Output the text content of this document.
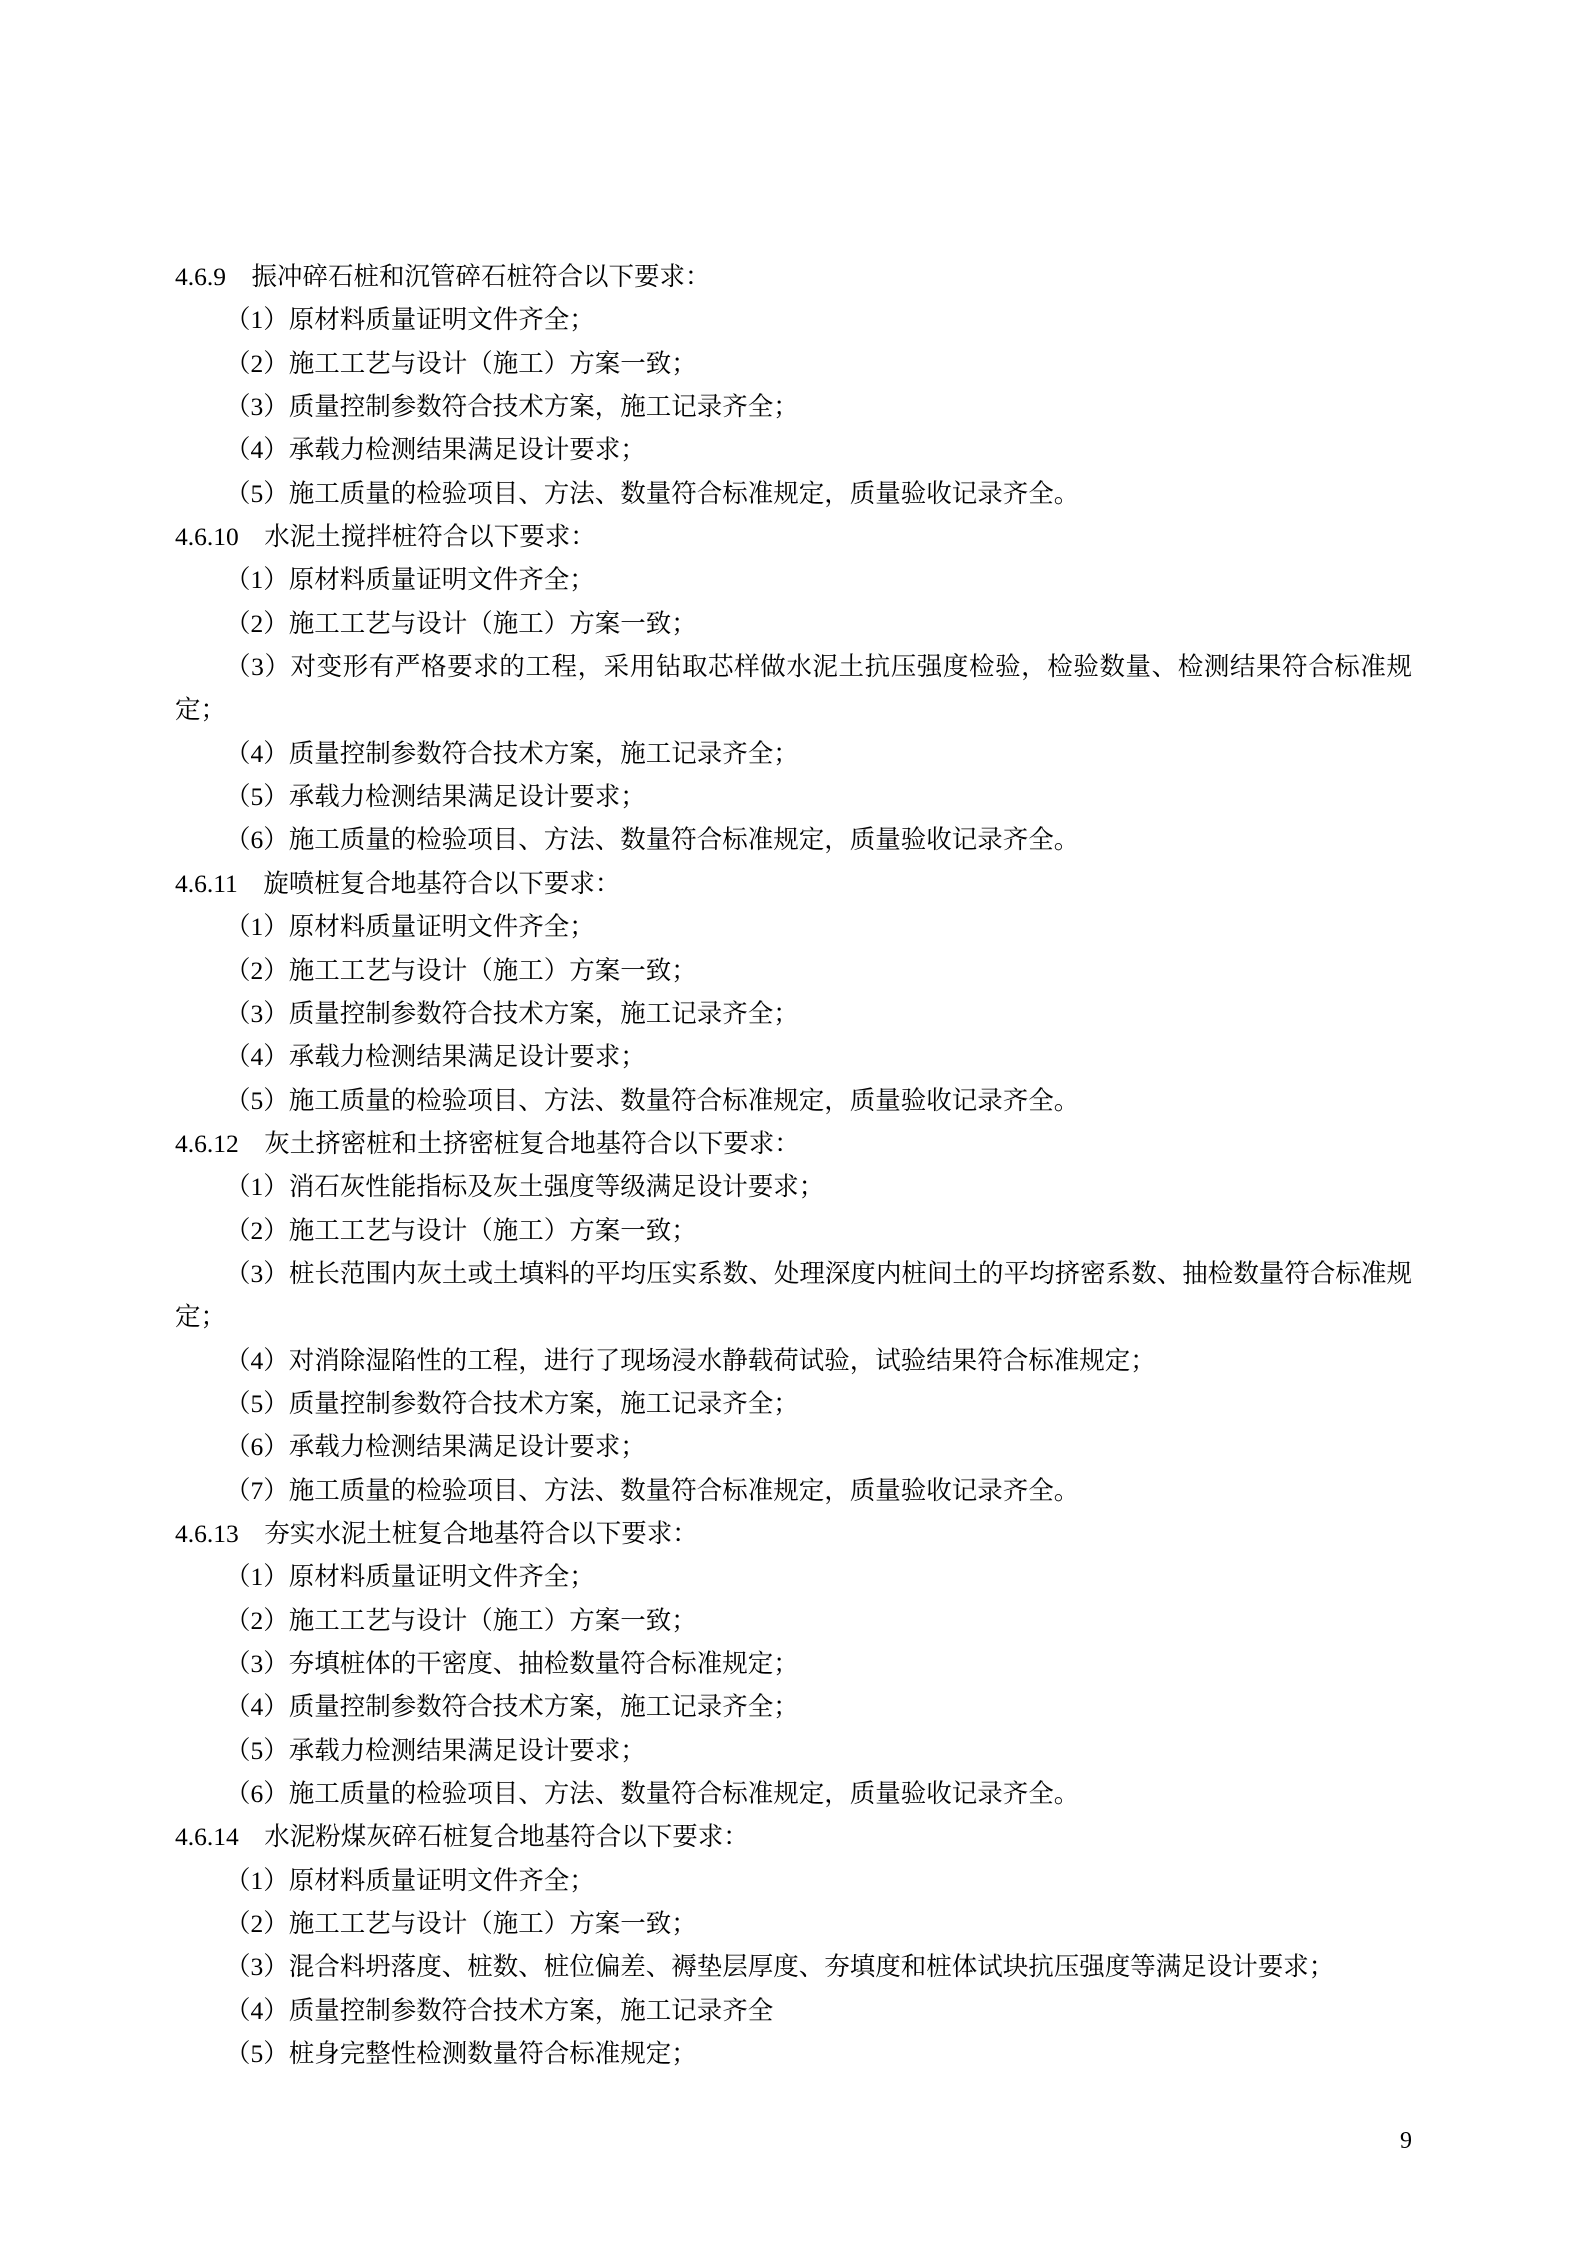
4.6.9　 振冲碎石桩和沉管碎石桩符合以下要求：

（1）原材料质量证明文件齐全；

（2）施工工艺与设计（施工）方案一致；

（3）质量控制参数符合技术方案，施工记录齐全；

（4）承载力检测结果满足设计要求；

（5）施工质量的检验项目、方法、数量符合标准规定，质量验收记录齐全。

4.6.10　 水泥土搅拌桩符合以下要求：

（1）原材料质量证明文件齐全；

（2）施工工艺与设计（施工）方案一致；

（3）对变形有严格要求的工程，采用钻取芯样做水泥土抗压强度检验，检验数量、检测结果符合标准规定；

（4）质量控制参数符合技术方案，施工记录齐全；

（5）承载力检测结果满足设计要求；

（6）施工质量的检验项目、方法、数量符合标准规定，质量验收记录齐全。

4.6.11　 旋喷桩复合地基符合以下要求：

（1）原材料质量证明文件齐全；

（2）施工工艺与设计（施工）方案一致；

（3）质量控制参数符合技术方案，施工记录齐全；

（4）承载力检测结果满足设计要求；

（5）施工质量的检验项目、方法、数量符合标准规定，质量验收记录齐全。

4.6.12　 灰土挤密桩和土挤密桩复合地基符合以下要求：

（1）消石灰性能指标及灰土强度等级满足设计要求；

（2）施工工艺与设计（施工）方案一致；

（3）桩长范围内灰土或土填料的平均压实系数、处理深度内桩间土的平均挤密系数、抽检数量符合标准规定；

（4）对消除湿陷性的工程，进行了现场浸水静载荷试验，试验结果符合标准规定；

（5）质量控制参数符合技术方案，施工记录齐全；

（6）承载力检测结果满足设计要求；

（7）施工质量的检验项目、方法、数量符合标准规定，质量验收记录齐全。

4.6.13　 夯实水泥土桩复合地基符合以下要求：

（1）原材料质量证明文件齐全；

（2）施工工艺与设计（施工）方案一致；

（3）夯填桩体的干密度、抽检数量符合标准规定；

（4）质量控制参数符合技术方案，施工记录齐全；

（5）承载力检测结果满足设计要求；

（6）施工质量的检验项目、方法、数量符合标准规定，质量验收记录齐全。

4.6.14　 水泥粉煤灰碎石桩复合地基符合以下要求：

（1）原材料质量证明文件齐全；

（2）施工工艺与设计（施工）方案一致；

（3）混合料坍落度、桩数、桩位偏差、褥垫层厚度、夯填度和桩体试块抗压强度等满足设计要求；

（4）质量控制参数符合技术方案，施工记录齐全

（5）桩身完整性检测数量符合标准规定；

9
